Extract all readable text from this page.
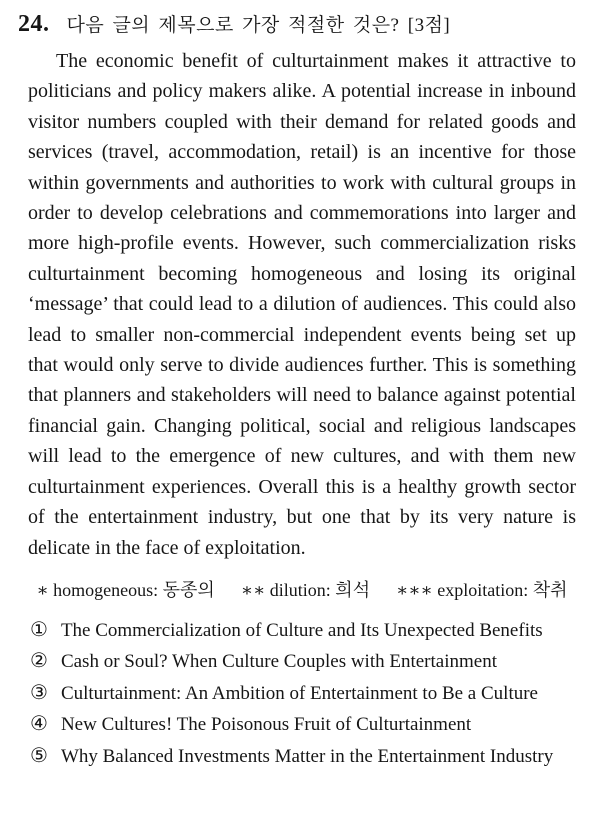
24. 다음 글의 제목으로 가장 적절한 것은? [3점]
The economic benefit of culturtainment makes it attractive to politicians and policy makers alike. A potential increase in inbound visitor numbers coupled with their demand for related goods and services (travel, accommodation, retail) is an incentive for those within governments and authorities to work with cultural groups in order to develop celebrations and commemorations into larger and more high-profile events. However, such commercialization risks culturtainment becoming homogeneous and losing its original ‘message’ that could lead to a dilution of audiences. This could also lead to smaller non-commercial independent events being set up that would only serve to divide audiences further. This is something that planners and stakeholders will need to balance against potential financial gain. Changing political, social and religious landscapes will lead to the emergence of new cultures, and with them new culturtainment experiences. Overall this is a healthy growth sector of the entertainment industry, but one that by its very nature is delicate in the face of exploitation.
∗ homogeneous: 동종의 ∗∗ dilution: 희석 ∗∗∗ exploitation: 착취
① The Commercialization of Culture and Its Unexpected Benefits
② Cash or Soul? When Culture Couples with Entertainment
③ Culturtainment: An Ambition of Entertainment to Be a Culture
④ New Cultures! The Poisonous Fruit of Culturtainment
⑤ Why Balanced Investments Matter in the Entertainment Industry
